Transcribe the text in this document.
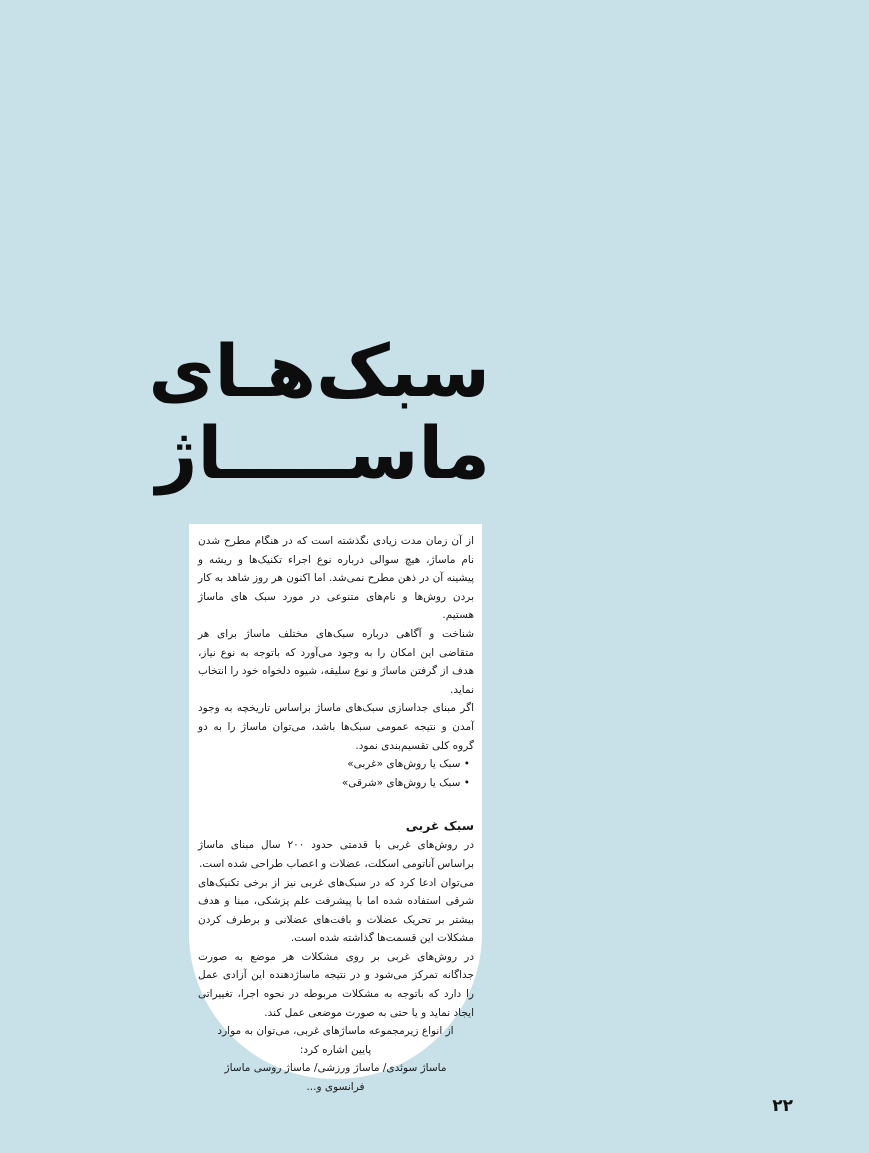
سبک‌هـای
ماســـــاژ

از آن زمان مدت زیادی نگذشته است که در هنگام مطرح شدن نام ماساژ، هیچ سوالی درباره نوع اجراء تکنیک‌ها و ریشه و پیشینه آن در ذهن مطرح نمی‌شد. اما اکنون هر روز شاهد به کار بردن روش‌ها و نام‌های متنوعی در مورد سبک های ماساژ هستیم.

شناخت و آگاهی درباره سبک‌های مختلف ماساژ برای هر متقاضی این امکان را به وجود می‌آورد که باتوجه به نوع نیاز، هدف از گرفتن ماساژ و نوع سلیقه، شیوه دلخواه خود را انتخاب نماید.

اگر مبنای جداسازی سبک‌های ماساژ براساس تاریخچه به وجود آمدن و نتیجه عمومی سبک‌ها باشد، می‌توان ماساژ را به دو گروه کلی تقسیم‌بندی نمود.

• سبک یا روش‌های «غربی»
• سبک یا روش‌های «شرقی»
سبک غربی

در روش‌های غربی با قدمتی حدود ۲۰۰ سال مبنای ماساژ براساس آناتومی اسکلت، عضلات و اعصاب طراحی شده است.

می‌توان ادعا کرد که در سبک‌های غربی نیز از برخی تکنیک‌های شرقی استفاده شده اما با پیشرفت علم پزشکی، مبنا و هدف بیشتر بر تحریک عضلات و بافت‌های عضلانی و برطرف کردن مشکلات این قسمت‌ها گذاشته شده است.

در روش‌های غربی بر روی مشکلات هر موضع به صورت جداگانه تمرکز می‌شود و در نتیجه ماساژدهنده این آزادی عمل را دارد که باتوجه به مشکلات مربوطه در نحوه اجرا، تغییراتی ایجاد نماید و یا حتی به صورت موضعی عمل کند.

از انواع زیرمجموعه ماساژهای غربی، می‌توان به موارد پایین اشاره کرد:

ماساژ سوئدی/ ماساژ ورزشی/ ماساژ روسی ماساژ فرانسوی و...

۲۲
